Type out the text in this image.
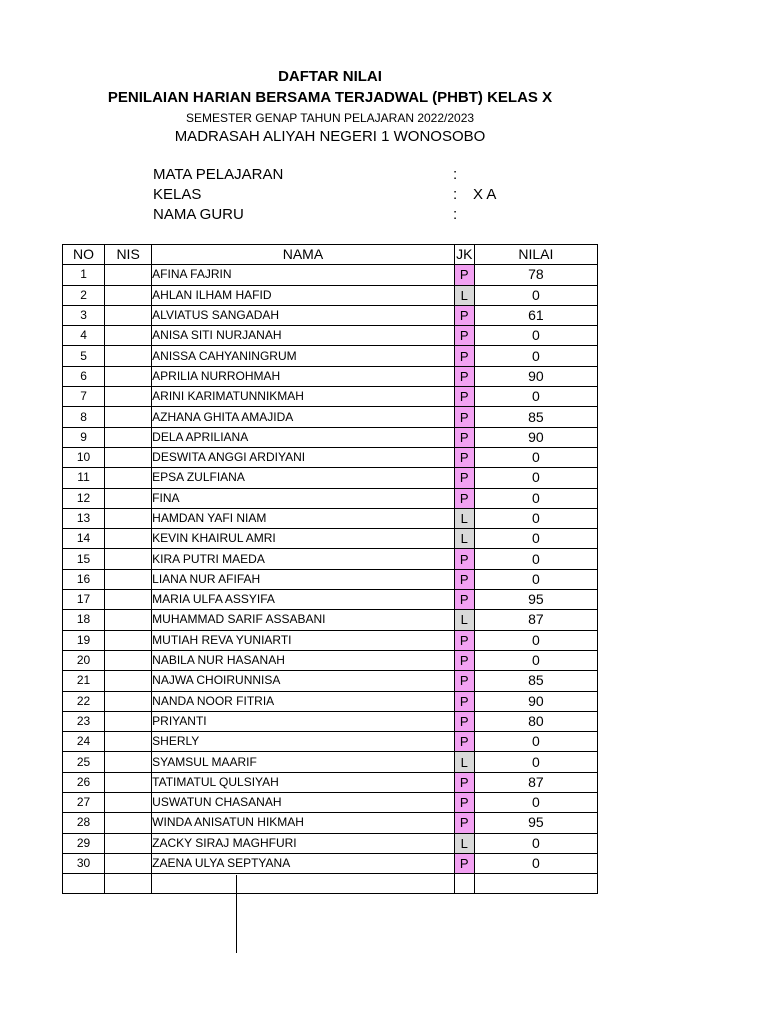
DAFTAR NILAI
PENILAIAN HARIAN BERSAMA TERJADWAL (PHBT) KELAS X
SEMESTER GENAP TAHUN PELAJARAN 2022/2023
MADRASAH ALIYAH NEGERI 1 WONOSOBO
MATA PELAJARAN	:
KELAS	: X A
NAMA GURU	:
NO	NIS	NAMA	JK	NILAI
1		AFINA FAJRIN	P	78
2		AHLAN ILHAM HAFID	L	0
3		ALVIATUS SANGADAH	P	61
4		ANISA SITI NURJANAH	P	0
5		ANISSA CAHYANINGRUM	P	0
6		APRILIA NURROHMAH	P	90
7		ARINI KARIMATUNNIKMAH	P	0
8		AZHANA GHITA AMAJIDA	P	85
9		DELA APRILIANA	P	90
10		DESWITA ANGGI ARDIYANI	P	0
11		EPSA ZULFIANA	P	0
12		FINA	P	0
13		HAMDAN YAFI NIAM	L	0
14		KEVIN KHAIRUL AMRI	L	0
15		KIRA PUTRI MAEDA	P	0
16		LIANA NUR AFIFAH	P	0
17		MARIA ULFA ASSYIFA	P	95
18		MUHAMMAD SARIF ASSABANI	L	87
19		MUTIAH REVA YUNIARTI	P	0
20		NABILA NUR HASANAH	P	0
21		NAJWA CHOIRUNNISA	P	85
22		NANDA NOOR FITRIA	P	90
23		PRIYANTI	P	80
24		SHERLY	P	0
25		SYAMSUL MAARIF	L	0
26		TATIMATUL QULSIYAH	P	87
27		USWATUN CHASANAH	P	0
28		WINDA ANISATUN HIKMAH	P	95
29		ZACKY SIRAJ MAGHFURI	L	0
30		ZAENA ULYA SEPTYANA	P	0
